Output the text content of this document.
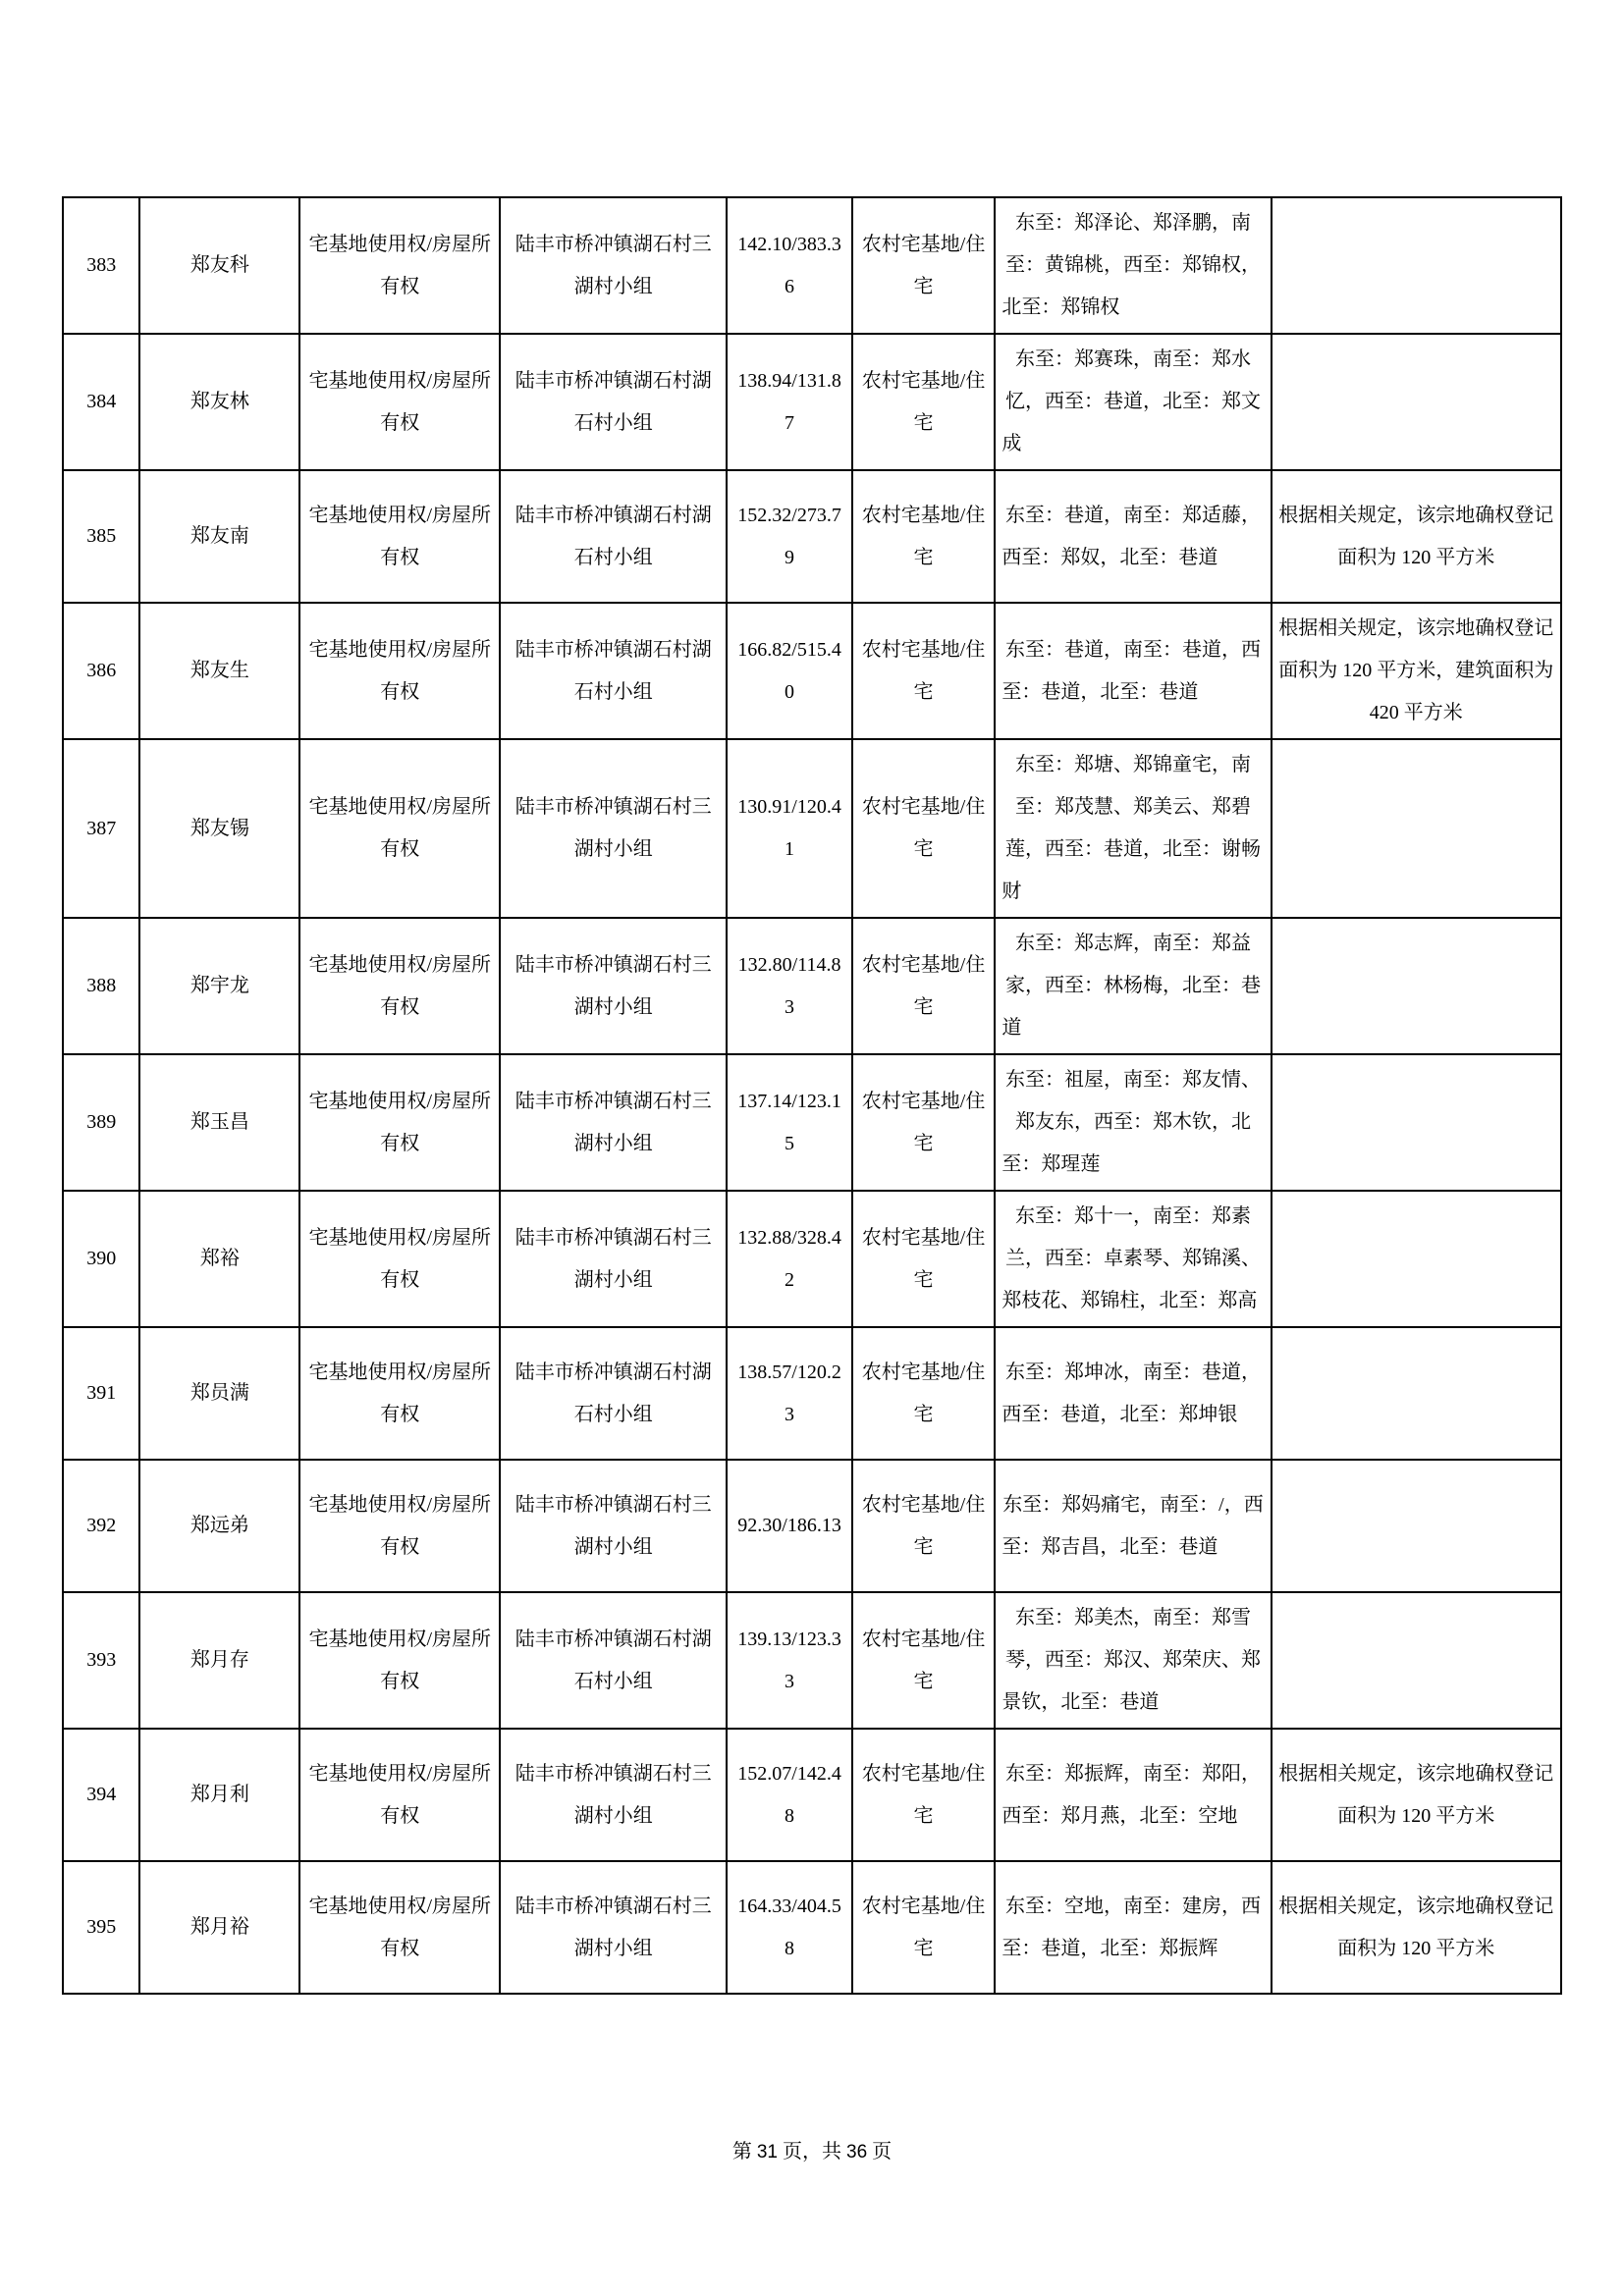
383	郑友科	宅基地使用权/房屋所有权	陆丰市桥冲镇湖石村三湖村小组	142.10/383.36	农村宅基地/住宅	东至：郑泽论、郑泽鹏，南至：黄锦桃，西至：郑锦权，北至：郑锦权	
384	郑友林	宅基地使用权/房屋所有权	陆丰市桥冲镇湖石村湖石村小组	138.94/131.87	农村宅基地/住宅	东至：郑赛珠，南至：郑水忆，西至：巷道，北至：郑文成	
385	郑友南	宅基地使用权/房屋所有权	陆丰市桥冲镇湖石村湖石村小组	152.32/273.79	农村宅基地/住宅	东至：巷道，南至：郑适藤，西至：郑奴，北至：巷道	根据相关规定，该宗地确权登记面积为 120 平方米
386	郑友生	宅基地使用权/房屋所有权	陆丰市桥冲镇湖石村湖石村小组	166.82/515.40	农村宅基地/住宅	东至：巷道，南至：巷道，西至：巷道，北至：巷道	根据相关规定，该宗地确权登记面积为 120 平方米，建筑面积为 420 平方米
387	郑友锡	宅基地使用权/房屋所有权	陆丰市桥冲镇湖石村三湖村小组	130.91/120.41	农村宅基地/住宅	东至：郑塘、郑锦童宅，南至：郑茂慧、郑美云、郑碧莲，西至：巷道，北至：谢畅财	
388	郑宇龙	宅基地使用权/房屋所有权	陆丰市桥冲镇湖石村三湖村小组	132.80/114.83	农村宅基地/住宅	东至：郑志辉，南至：郑益家，西至：林杨梅，北至：巷道	
389	郑玉昌	宅基地使用权/房屋所有权	陆丰市桥冲镇湖石村三湖村小组	137.14/123.15	农村宅基地/住宅	东至：祖屋，南至：郑友情、郑友东，西至：郑木钦，北至：郑瑆莲	
390	郑裕	宅基地使用权/房屋所有权	陆丰市桥冲镇湖石村三湖村小组	132.88/328.42	农村宅基地/住宅	东至：郑十一，南至：郑素兰，西至：卓素琴、郑锦溪、郑枝花、郑锦柱，北至：郑高	
391	郑员满	宅基地使用权/房屋所有权	陆丰市桥冲镇湖石村湖石村小组	138.57/120.23	农村宅基地/住宅	东至：郑坤冰，南至：巷道，西至：巷道，北至：郑坤银	
392	郑远弟	宅基地使用权/房屋所有权	陆丰市桥冲镇湖石村三湖村小组	92.30/186.13	农村宅基地/住宅	东至：郑妈痛宅，南至：/，西至：郑吉昌，北至：巷道	
393	郑月存	宅基地使用权/房屋所有权	陆丰市桥冲镇湖石村湖石村小组	139.13/123.33	农村宅基地/住宅	东至：郑美杰，南至：郑雪琴，西至：郑汉、郑荣庆、郑景钦，北至：巷道	
394	郑月利	宅基地使用权/房屋所有权	陆丰市桥冲镇湖石村三湖村小组	152.07/142.48	农村宅基地/住宅	东至：郑振辉，南至：郑阳，西至：郑月燕，北至：空地	根据相关规定，该宗地确权登记面积为 120 平方米
395	郑月裕	宅基地使用权/房屋所有权	陆丰市桥冲镇湖石村三湖村小组	164.33/404.58	农村宅基地/住宅	东至：空地，南至：建房，西至：巷道，北至：郑振辉	根据相关规定，该宗地确权登记面积为 120 平方米
第 31 页，共 36 页
